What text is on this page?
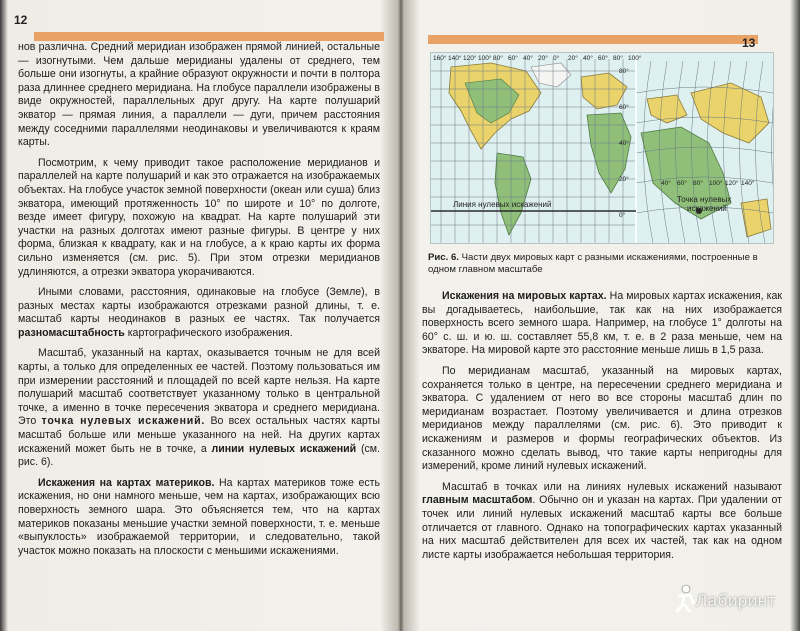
12

нов различна. Средний меридиан изображен прямой линией, остальные — изогнутыми. Чем дальше меридианы удалены от среднего, тем больше они изогнуты, а крайние образуют окружности и почти в полтора раза длиннее среднего меридиана. На глобусе параллели изображены в виде окружностей, параллельных друг другу. На карте полушарий экватор — прямая линия, а параллели — дуги, причем расстояния между соседними параллелями неодинаковы и увеличиваются к краям карты.

Посмотрим, к чему приводит такое расположение меридианов и параллелей на карте полушарий и как это отражается на изображаемых объектах. На глобусе участок земной поверхности (океан или суша) близ экватора, имеющий протяженность 10° по широте и 10° по долготе, везде имеет фигуру, похожую на квадрат. На карте полушарий эти участки на разных долготах имеют разные фигуры. В центре у них форма, близкая к квадрату, как и на глобусе, а к краю карты их форма сильно изменяется (см. рис. 5). При этом отрезки меридианов удлиняются, а отрезки экватора укорачиваются.

Иными словами, расстояния, одинаковые на глобусе (Земле), в разных местах карты изображаются отрезками разной длины, т. е. масштаб карты неодинаков в разных ее частях. Так получается разномасштабность картографического изображения.

Масштаб, указанный на картах, оказывается точным не для всей карты, а только для определенных ее частей. Поэтому пользоваться им при измерении расстояний и площадей по всей карте нельзя. На карте полушарий масштаб соответствует указанному только в центральной точке, а именно в точке пересечения экватора и среднего меридиана. Это точка нулевых искажений. Во всех остальных частях карты масштаб больше или меньше указанного на ней. На других картах искажений может быть не в точке, а линии нулевых искажений (см. рис. 6).

Искажения на картах материков. На картах материков тоже есть искажения, но они намного меньше, чем на картах, изображающих всю поверхность земного шара. Это объясняется тем, что на картах материков показаны меньшие участки земной поверхности, т. е. меньше «выпуклость» изображаемой территории, и следовательно, такой участок можно показать на плоскости с меньшими искажениями.

13
160° 140° 120° 100° 80° 60° 40° 20° 0° 20° 40° 60° 80° 100°
80°
60°
40°
20°
0°
40° 60° 80° 100° 120° 140°
Линия нулевых искажений
Точка нулевых
искажений
Рис. 6. Части двух мировых карт с разными искажениями, построенные в одном главном масштабе

Искажения на мировых картах. На мировых картах искажения, как вы догадываетесь, наибольшие, так как на них изображается поверхность всего земного шара. Например, на глобусе 1° долготы на 60° с. ш. и ю. ш. составляет 55,8 км, т. е. в 2 раза меньше, чем на экваторе. На мировой карте это расстояние меньше лишь в 1,5 раза.

По меридианам масштаб, указанный на мировых картах, сохраняется только в центре, на пересечении среднего меридиана и экватора. С удалением от него во все стороны масштаб длин по меридианам возрастает. Поэтому увеличивается и длина отрезков меридианов между параллелями (см. рис. 6). Это приводит к искажениям и размеров и формы географических объектов. Из сказанного можно сделать вывод, что такие карты непригодны для измерений, кроме линий нулевых искажений.

Масштаб в точках или на линиях нулевых искажений называют главным масштабом. Обычно он и указан на картах. При удалении от точек или линий нулевых искажений масштаб карты все больше отличается от главного. Однако на топографических картах указанный на них масштаб действителен для всех их частей, так как на одном листе карты изображается небольшая территория.

Лабиринт
